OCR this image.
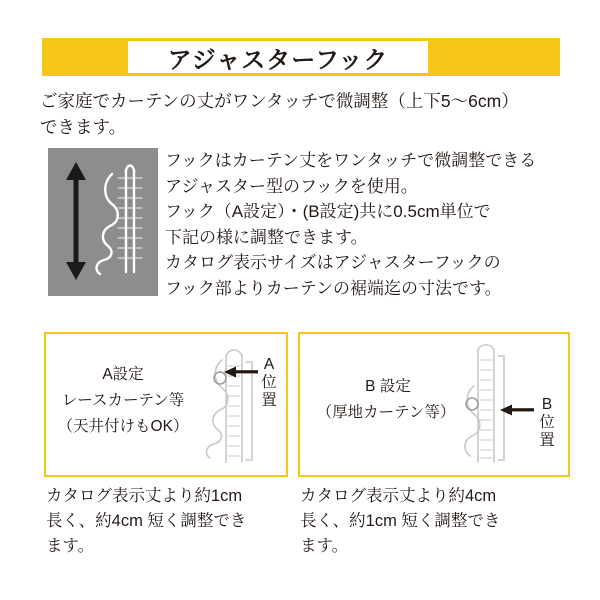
アジャスターフック
ご家庭でカーテンの丈がワンタッチで微調整（上下5〜6cm）
できます。
フックはカーテン丈をワンタッチで微調整できる
アジャスター型のフックを使用。
フック（A設定）・(B設定)共に0.5cm単位で
下記の様に調整できます。
カタログ表示サイズはアジャスターフックの
フック部よりカーテンの裾端迄の寸法です。
A設定
レースカーテン等
（天井付けもOK）
A
位
置
B 設定
（厚地カーテン等）	B
位
置
カタログ表示丈より約1cm
長く、約4cm 短く調整でき
ます。
カタログ表示丈より約4cm
長く、約1cm 短く調整でき
ます。
